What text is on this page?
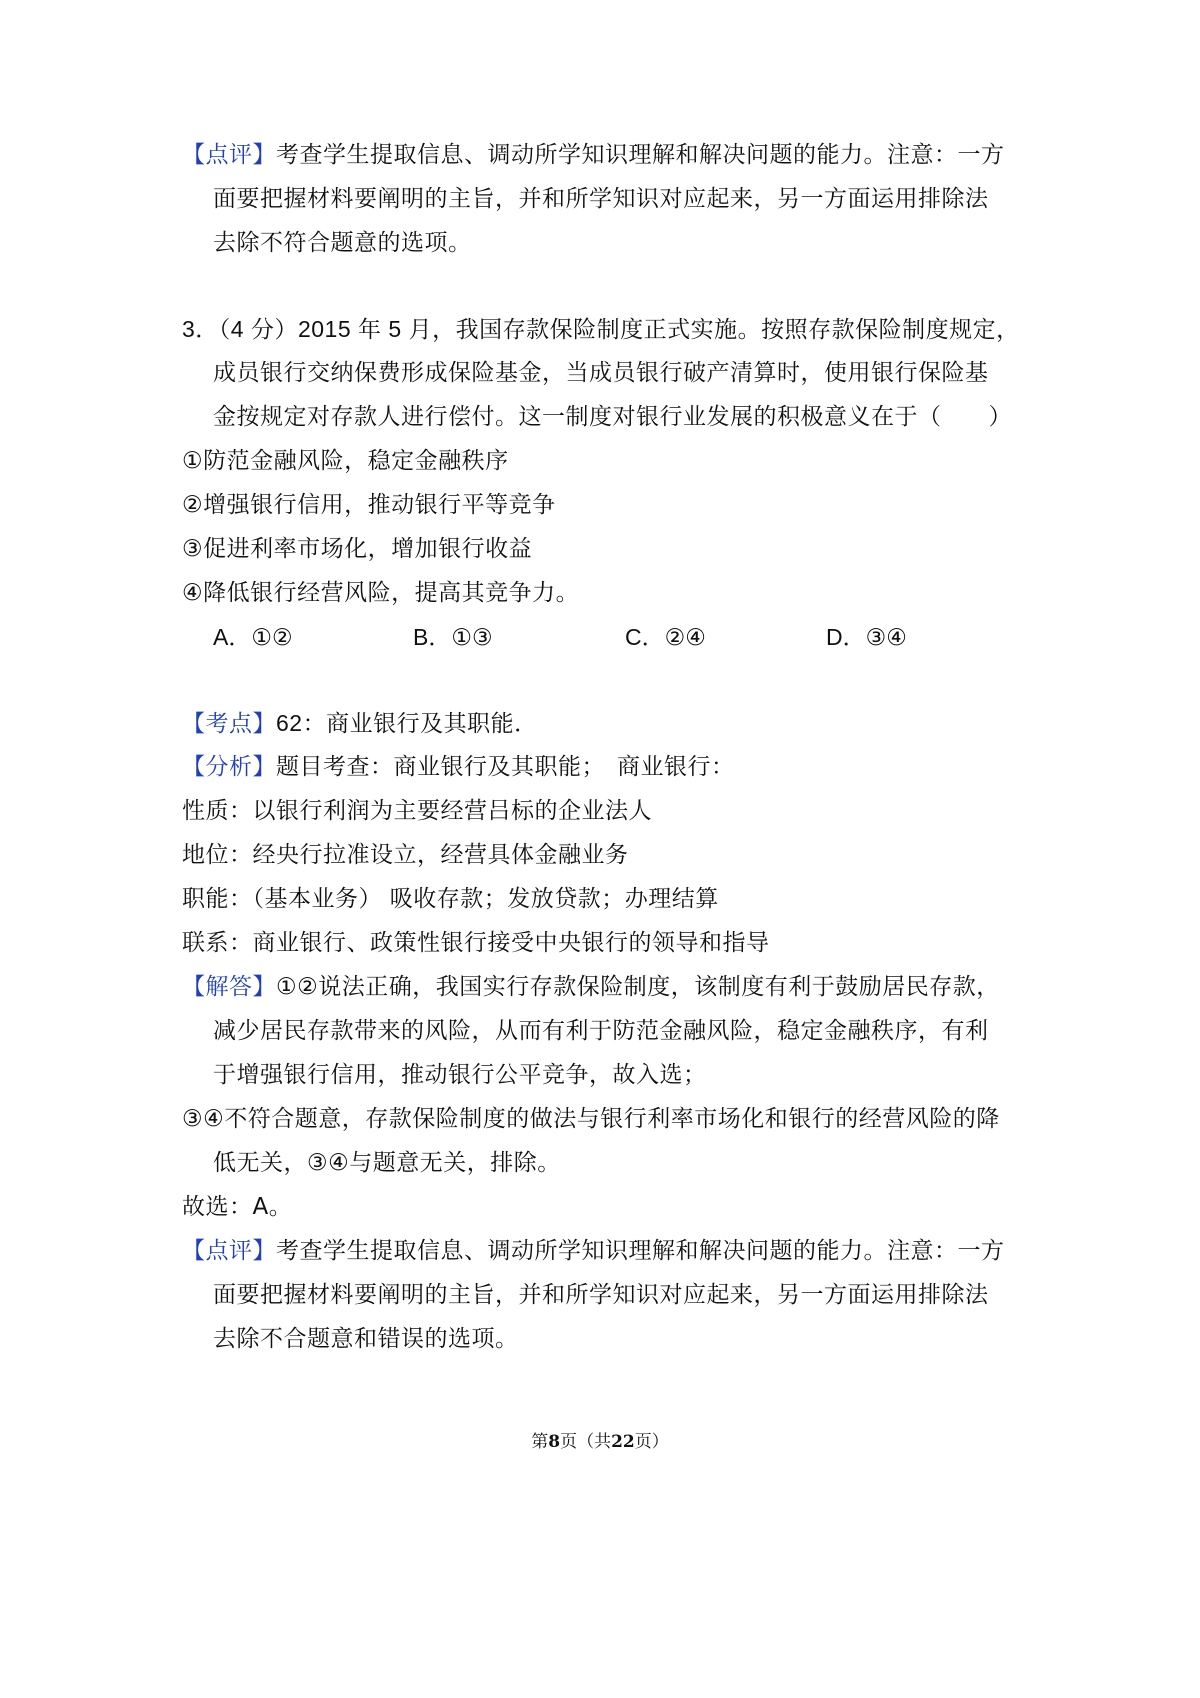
【点评】考查学生提取信息、调动所学知识理解和解决问题的能力。注意：一方
面要把握材料要阐明的主旨，并和所学知识对应起来，另一方面运用排除法
去除不符合题意的选项。
3．（4 分）2015 年 5 月，我国存款保险制度正式实施。按照存款保险制度规定，
成员银行交纳保费形成保险基金，当成员银行破产清算时，使用银行保险基
金按规定对存款人进行偿付。这一制度对银行业发展的积极意义在于（　　）
①防范金融风险，稳定金融秩序
②增强银行信用，推动银行平等竞争
③促进利率市场化，增加银行收益
④降低银行经营风险，提高其竞争力。
A．①②	B．①③	C．②④	D．③④
【考点】62：商业银行及其职能．
【分析】题目考查：商业银行及其职能；　商业银行：
性质：以银行利润为主要经营吕标的企业法人
地位：经央行拉准设立，经营具体金融业务
职能：（基本业务） 吸收存款；发放贷款；办理结算
联系：商业银行、政策性银行接受中央银行的领导和指导
【解答】①②说法正确，我国实行存款保险制度，该制度有利于鼓励居民存款，
减少居民存款带来的风险，从而有利于防范金融风险，稳定金融秩序，有利
于增强银行信用，推动银行公平竞争，故入选；
③④不符合题意，存款保险制度的做法与银行利率市场化和银行的经营风险的降
低无关，③④与题意无关，排除。
故选：A。
【点评】考查学生提取信息、调动所学知识理解和解决问题的能力。注意：一方
面要把握材料要阐明的主旨，并和所学知识对应起来，另一方面运用排除法
去除不合题意和错误的选项。
第8页（共22页）
